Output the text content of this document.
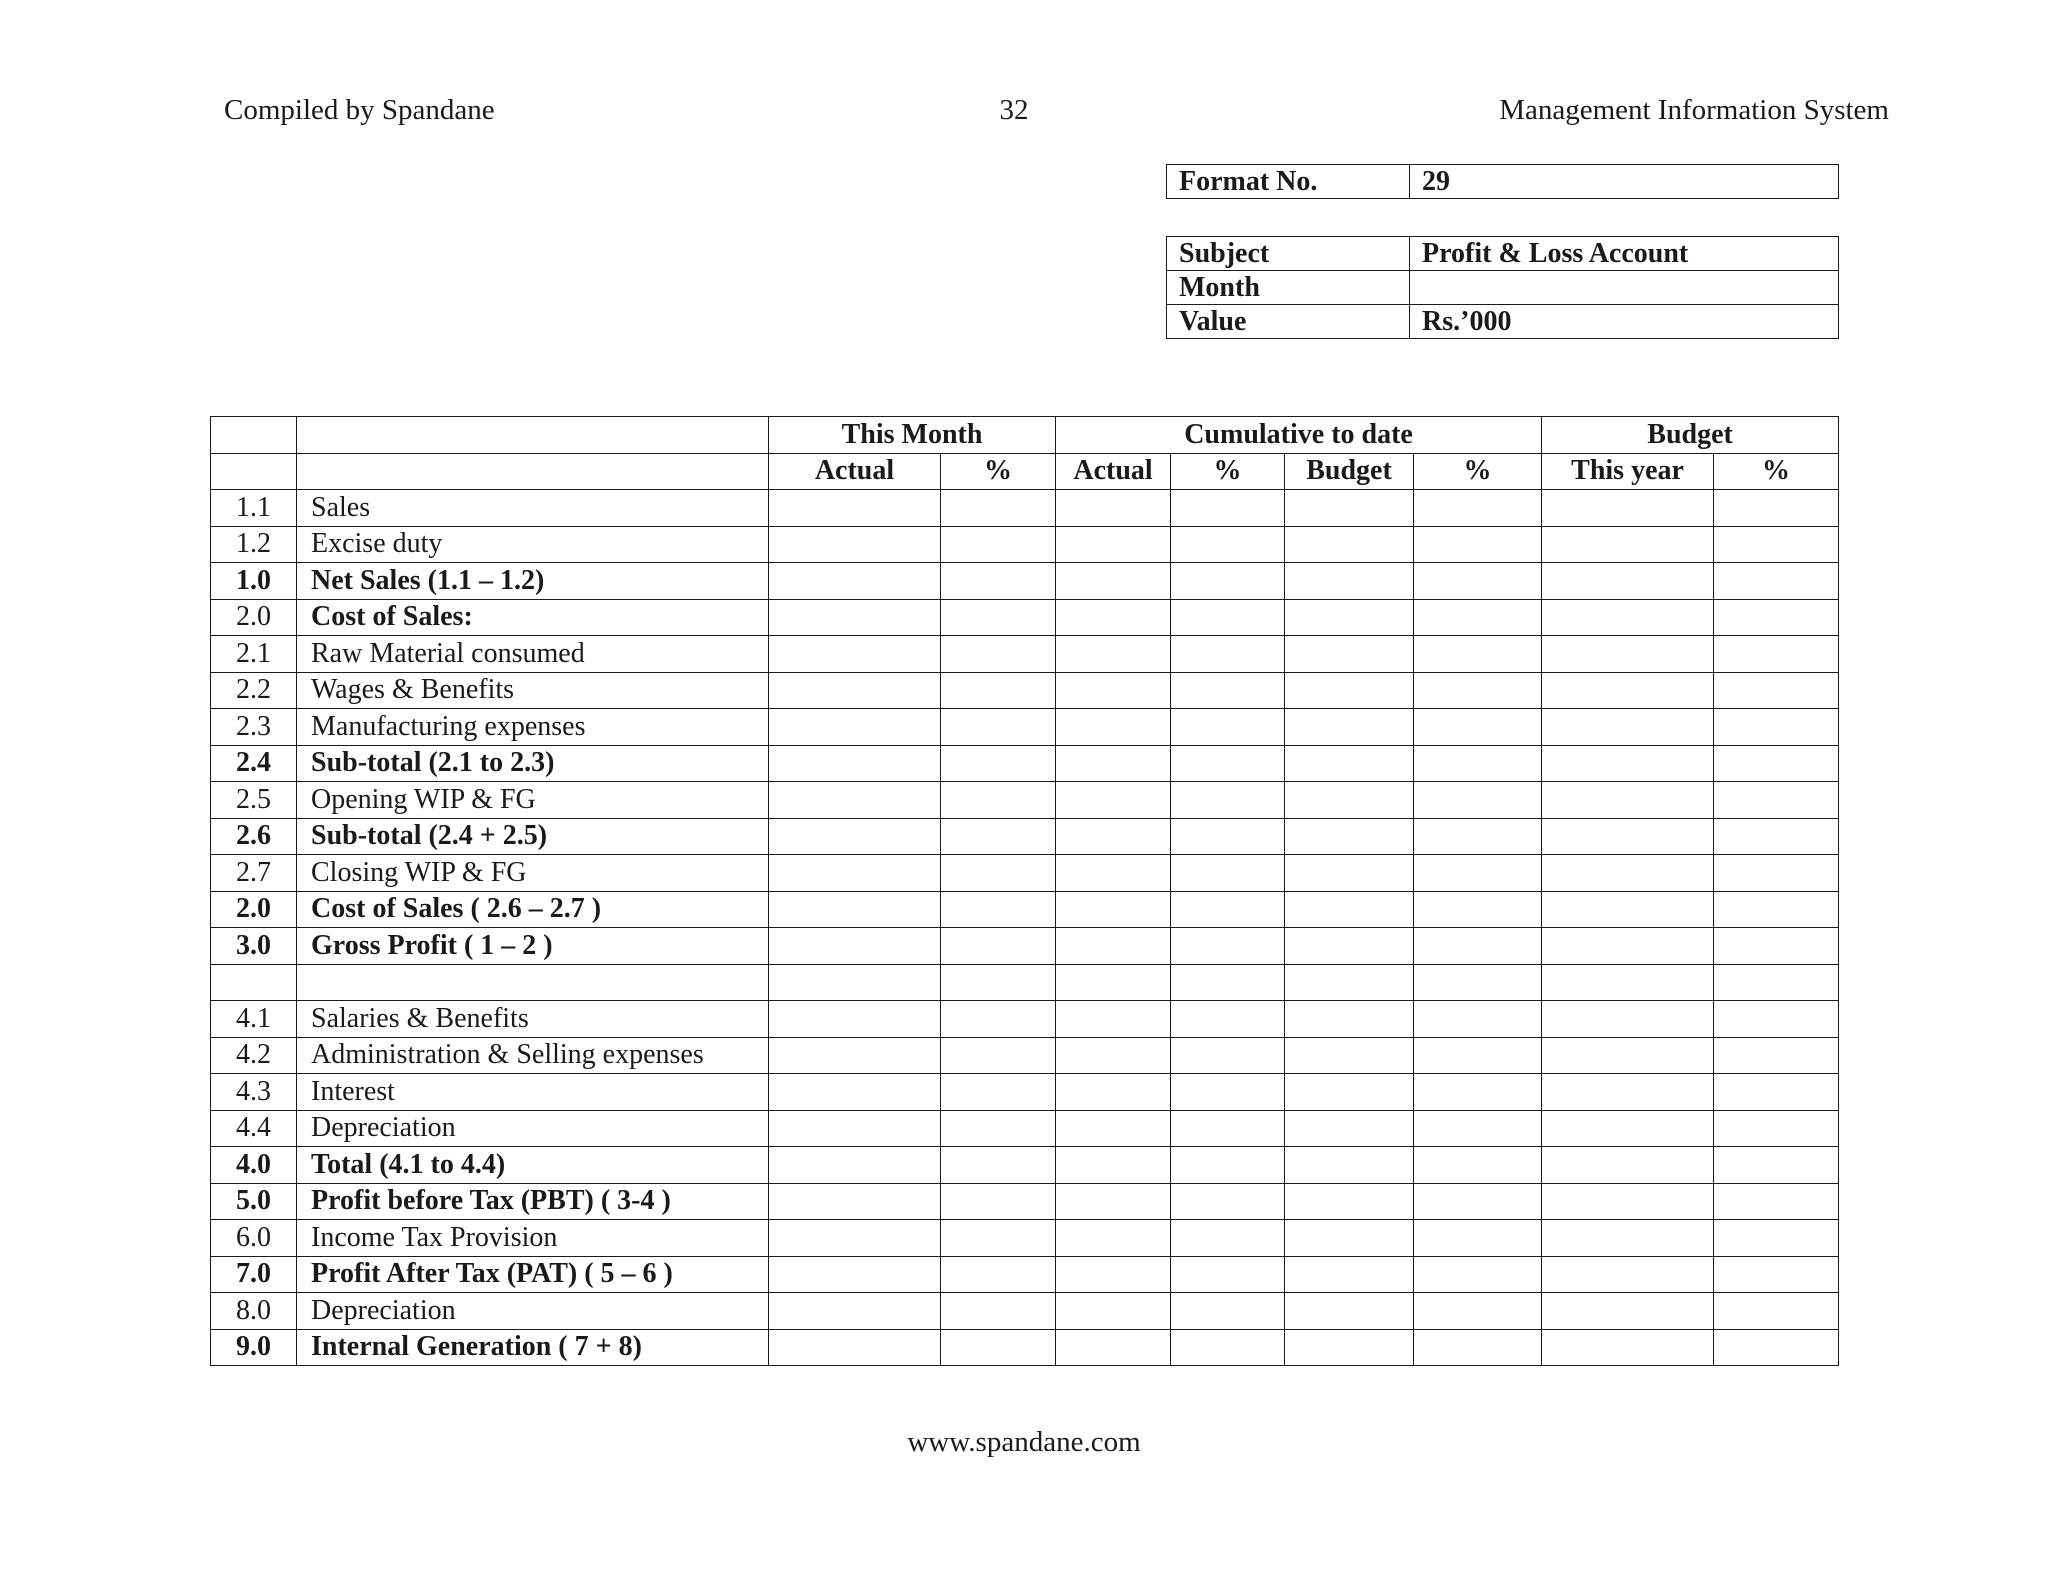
Compiled by Spandane	32	Management Information System
Format No.	29
Subject	Profit & Loss Account
Month	
Value	Rs.’000
		This Month		Cumulative to date				Budget	
		Actual	%	Actual	%	Budget	%	This year	%
1.1	Sales								
1.2	Excise duty								
1.0	Net Sales (1.1 – 1.2)								
2.0	Cost of Sales:								
2.1	Raw Material consumed								
2.2	Wages & Benefits								
2.3	Manufacturing expenses								
2.4	Sub-total (2.1 to 2.3)								
2.5	Opening WIP & FG								
2.6	Sub-total (2.4 + 2.5)								
2.7	Closing WIP & FG								
2.0	Cost of Sales ( 2.6 – 2.7 )								
3.0	Gross Profit ( 1 – 2 )								

4.1	Salaries & Benefits								
4.2	Administration & Selling expenses								
4.3	Interest								
4.4	Depreciation								
4.0	Total (4.1 to 4.4)								
5.0	Profit before Tax (PBT) ( 3-4 )								
6.0	Income Tax Provision								
7.0	Profit After Tax (PAT) ( 5 – 6 )								
8.0	Depreciation								
9.0	Internal Generation ( 7 + 8)								
www.spandane.com
